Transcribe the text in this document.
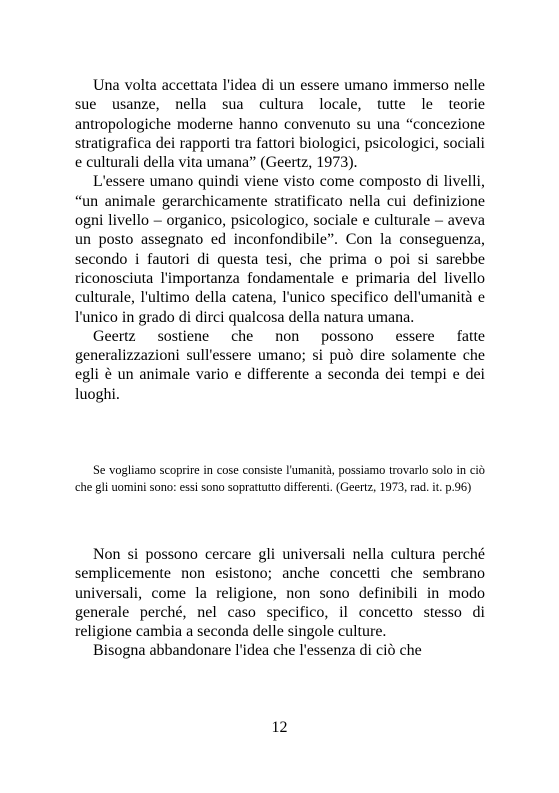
Una volta accettata l'idea di un essere umano immerso nelle sue usanze, nella sua cultura locale, tutte le teorie antropologiche moderne hanno convenuto su una “concezione stratigrafica dei rapporti tra fattori biologici, psicologici, sociali e culturali della vita umana” (Geertz, 1973).

L'essere umano quindi viene visto come composto di livelli, “un animale gerarchicamente stratificato nella cui definizione ogni livello – organico, psicologico, sociale e culturale – aveva un posto assegnato ed inconfondibile”. Con la conseguenza, secondo i fautori di questa tesi, che prima o poi si sarebbe riconosciuta l'importanza fondamentale e primaria del livello culturale, l'ultimo della catena, l'unico specifico dell'umanità e l'unico in grado di dirci qualcosa della natura umana.

Geertz sostiene che non possono essere fatte generalizzazioni sull'essere umano; si può dire solamente che egli è un animale vario e differente a seconda dei tempi e dei luoghi.

Se vogliamo scoprire in cose consiste l'umanità, possiamo trovarlo solo in ciò che gli uomini sono: essi sono soprattutto differenti. (Geertz, 1973, rad. it. p.96)

Non si possono cercare gli universali nella cultura perché semplicemente non esistono; anche concetti che sembrano universali, come la religione, non sono definibili in modo generale perché, nel caso specifico, il concetto stesso di religione cambia a seconda delle singole culture.

Bisogna abbandonare l'idea che l'essenza di ciò che

12
